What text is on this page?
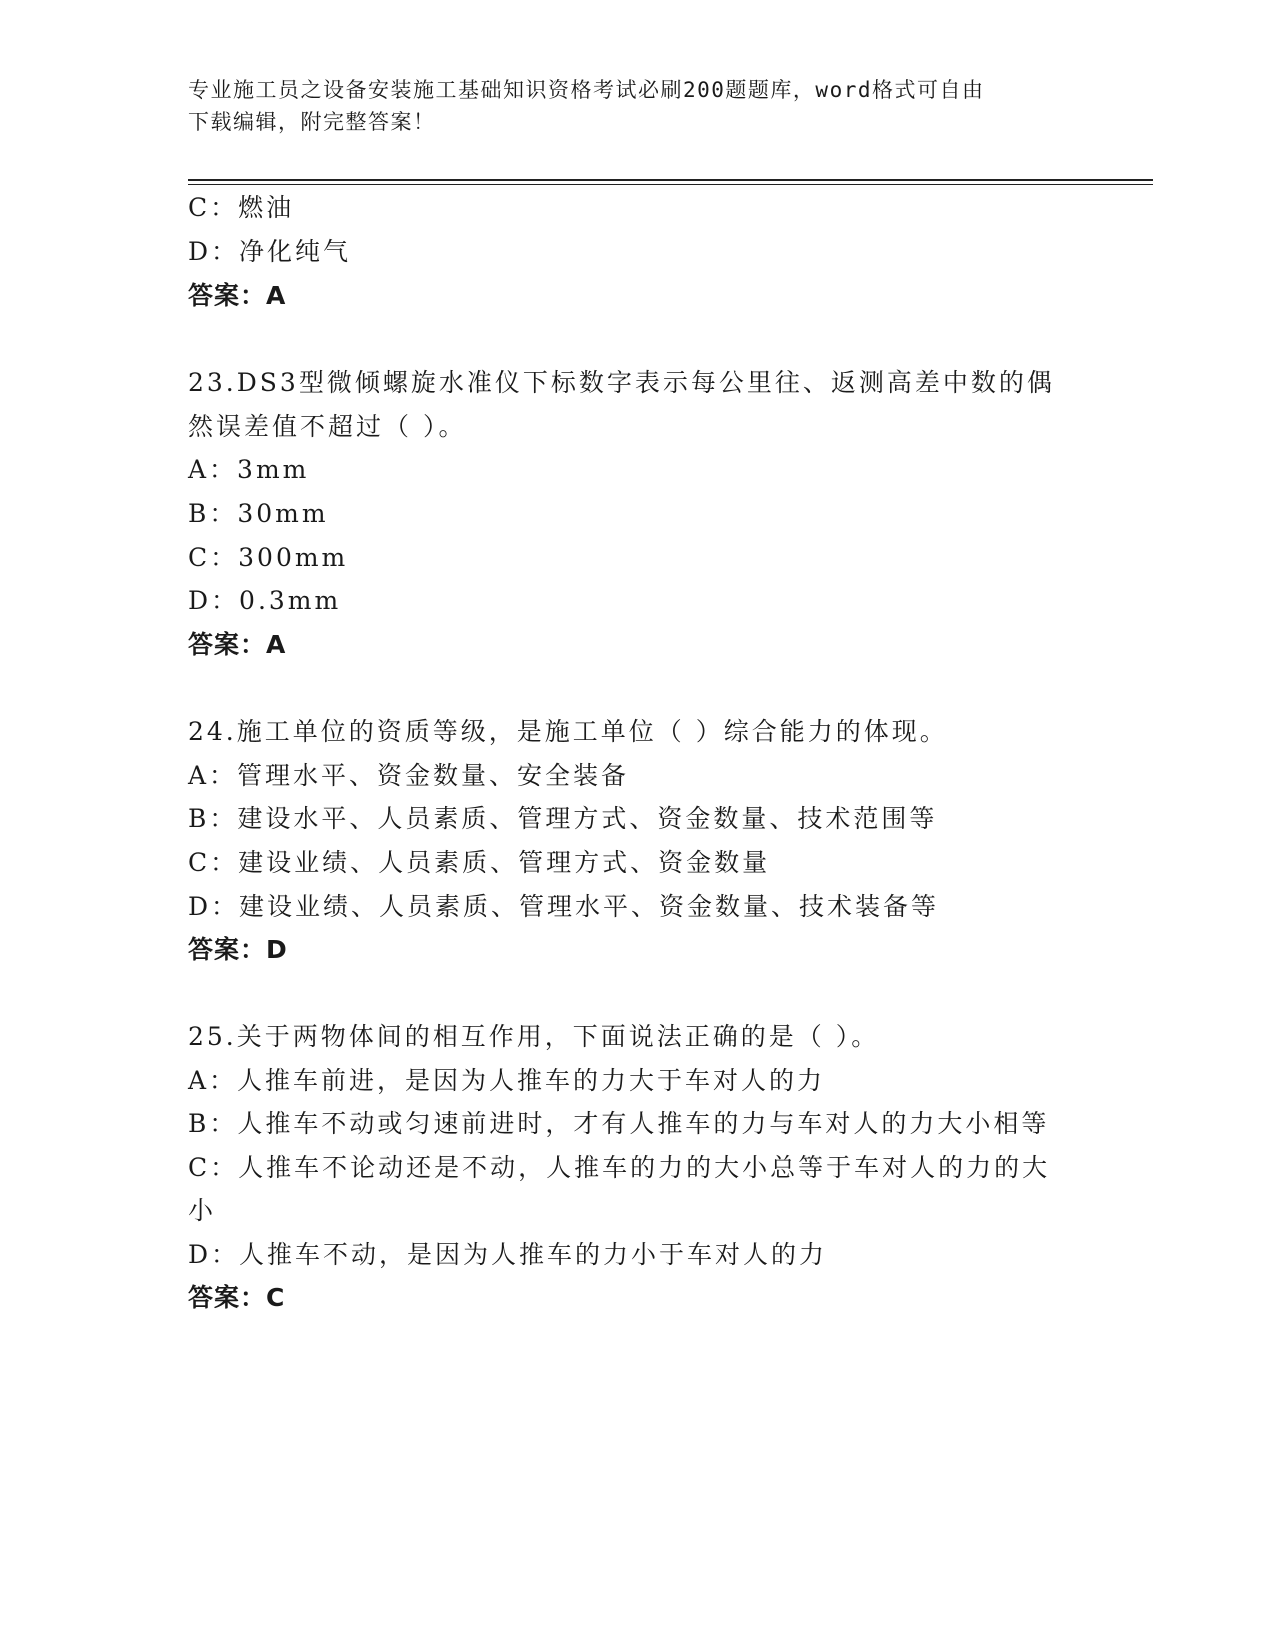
专业施工员之设备安装施工基础知识资格考试必刷200题题库，word格式可自由
下载编辑，附完整答案！
C：燃油
D：净化纯气
答案：A
23.DS3型微倾螺旋水准仪下标数字表示每公里往、返测高差中数的偶
然误差值不超过（ ）。
A：3mm
B：30mm
C：300mm
D：0.3mm
答案：A
24.施工单位的资质等级，是施工单位（ ）综合能力的体现。
A：管理水平、资金数量、安全装备
B：建设水平、人员素质、管理方式、资金数量、技术范围等
C：建设业绩、人员素质、管理方式、资金数量
D：建设业绩、人员素质、管理水平、资金数量、技术装备等
答案：D
25.关于两物体间的相互作用，下面说法正确的是（ ）。
A：人推车前进，是因为人推车的力大于车对人的力
B：人推车不动或匀速前进时，才有人推车的力与车对人的力大小相等
C：人推车不论动还是不动，人推车的力的大小总等于车对人的力的大
小
D：人推车不动，是因为人推车的力小于车对人的力
答案：C
